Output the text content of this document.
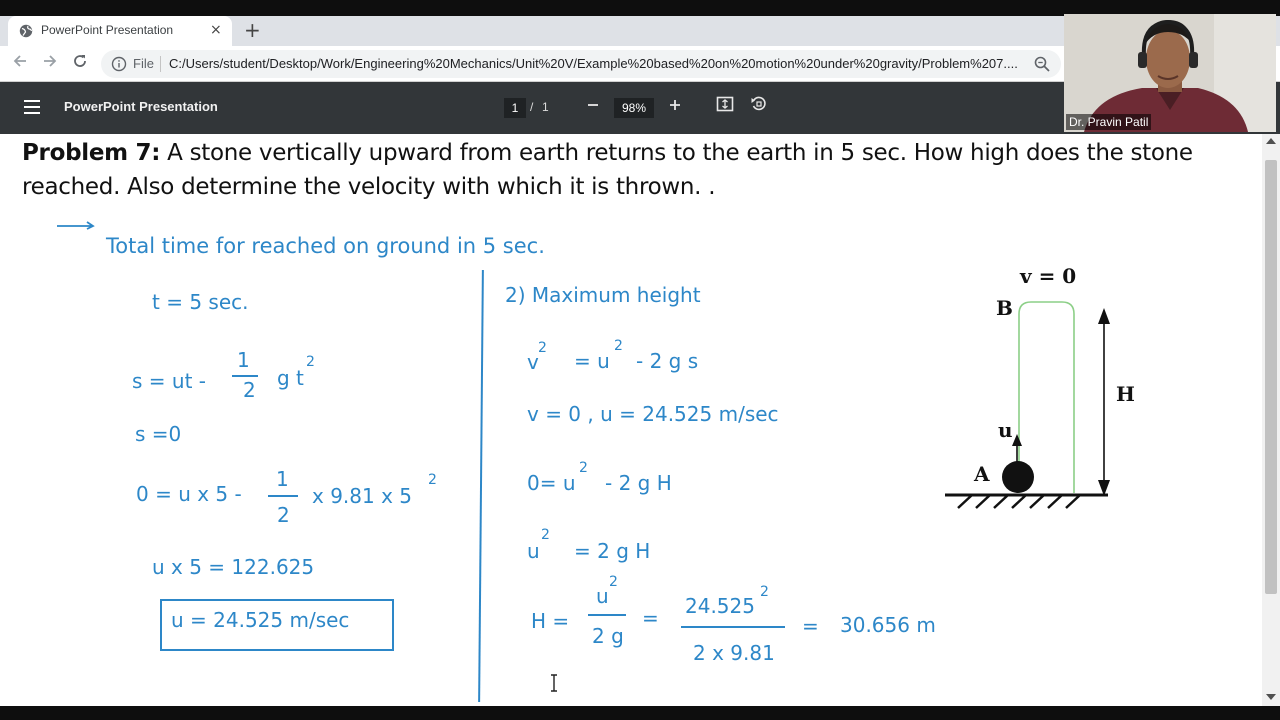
PowerPoint Presentation	× +
File C:/Users/student/Desktop/Work/Engineering%20Mechanics/Unit%20V/Example%20based%20on%20motion%20under%20gravity/Problem%207....
PowerPoint Presentation	1 / 1	98%
Problem 7: A stone vertically upward from earth returns to the earth in 5 sec. How high does the stone
reached. Also determine the velocity with which it is thrown. .
Total time for reached on ground in 5 sec.
t = 5 sec.
s = ut -
1
2 g t
2
s =0
0 = u x 5 -
1
2
x 9.81 x 5
2
u x 5 = 122.625
u = 24.525 m/sec
2) Maximum height
v
2
= u
2
- 2 g s
v = 0 , u = 24.525 m/sec
0= u
2
- 2 g H
u
2
= 2 g H
H =
u
2
2 g
= 24.525
2
2 x 9.81
= 30.656 m
v = 0
B
H
u
A
Dr. Pravin Patil
